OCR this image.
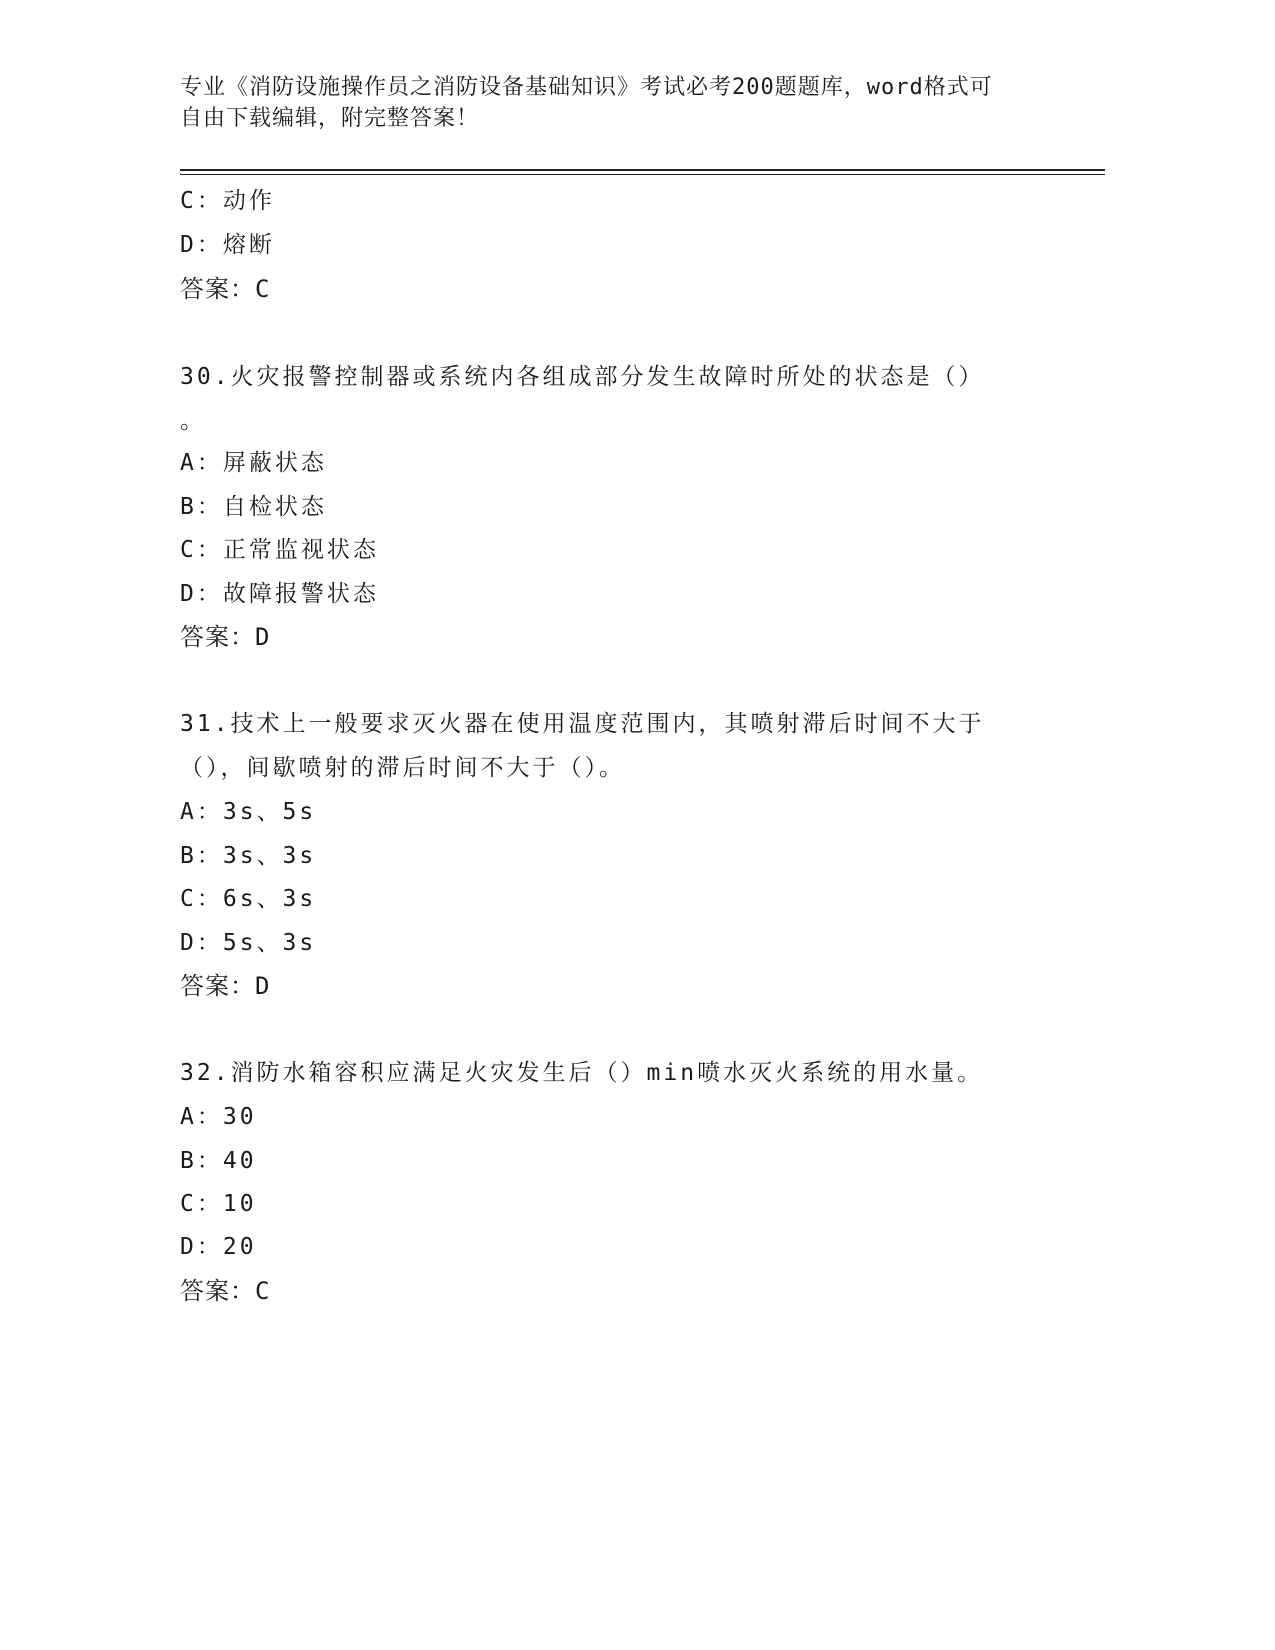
专业《消防设施操作员之消防设备基础知识》考试必考200题题库，word格式可
自由下载编辑，附完整答案！
C：动作
D：熔断
答案：C
30.火灾报警控制器或系统内各组成部分发生故障时所处的状态是（）
。
A：屏蔽状态
B：自检状态
C：正常监视状态
D：故障报警状态
答案：D
31.技术上一般要求灭火器在使用温度范围内，其喷射滞后时间不大于
（），间歇喷射的滞后时间不大于（）。
A：3s、5s
B：3s、3s
C：6s、3s
D：5s、3s
答案：D
32.消防水箱容积应满足火灾发生后（）min喷水灭火系统的用水量。
A：30
B：40
C：10
D：20
答案：C
